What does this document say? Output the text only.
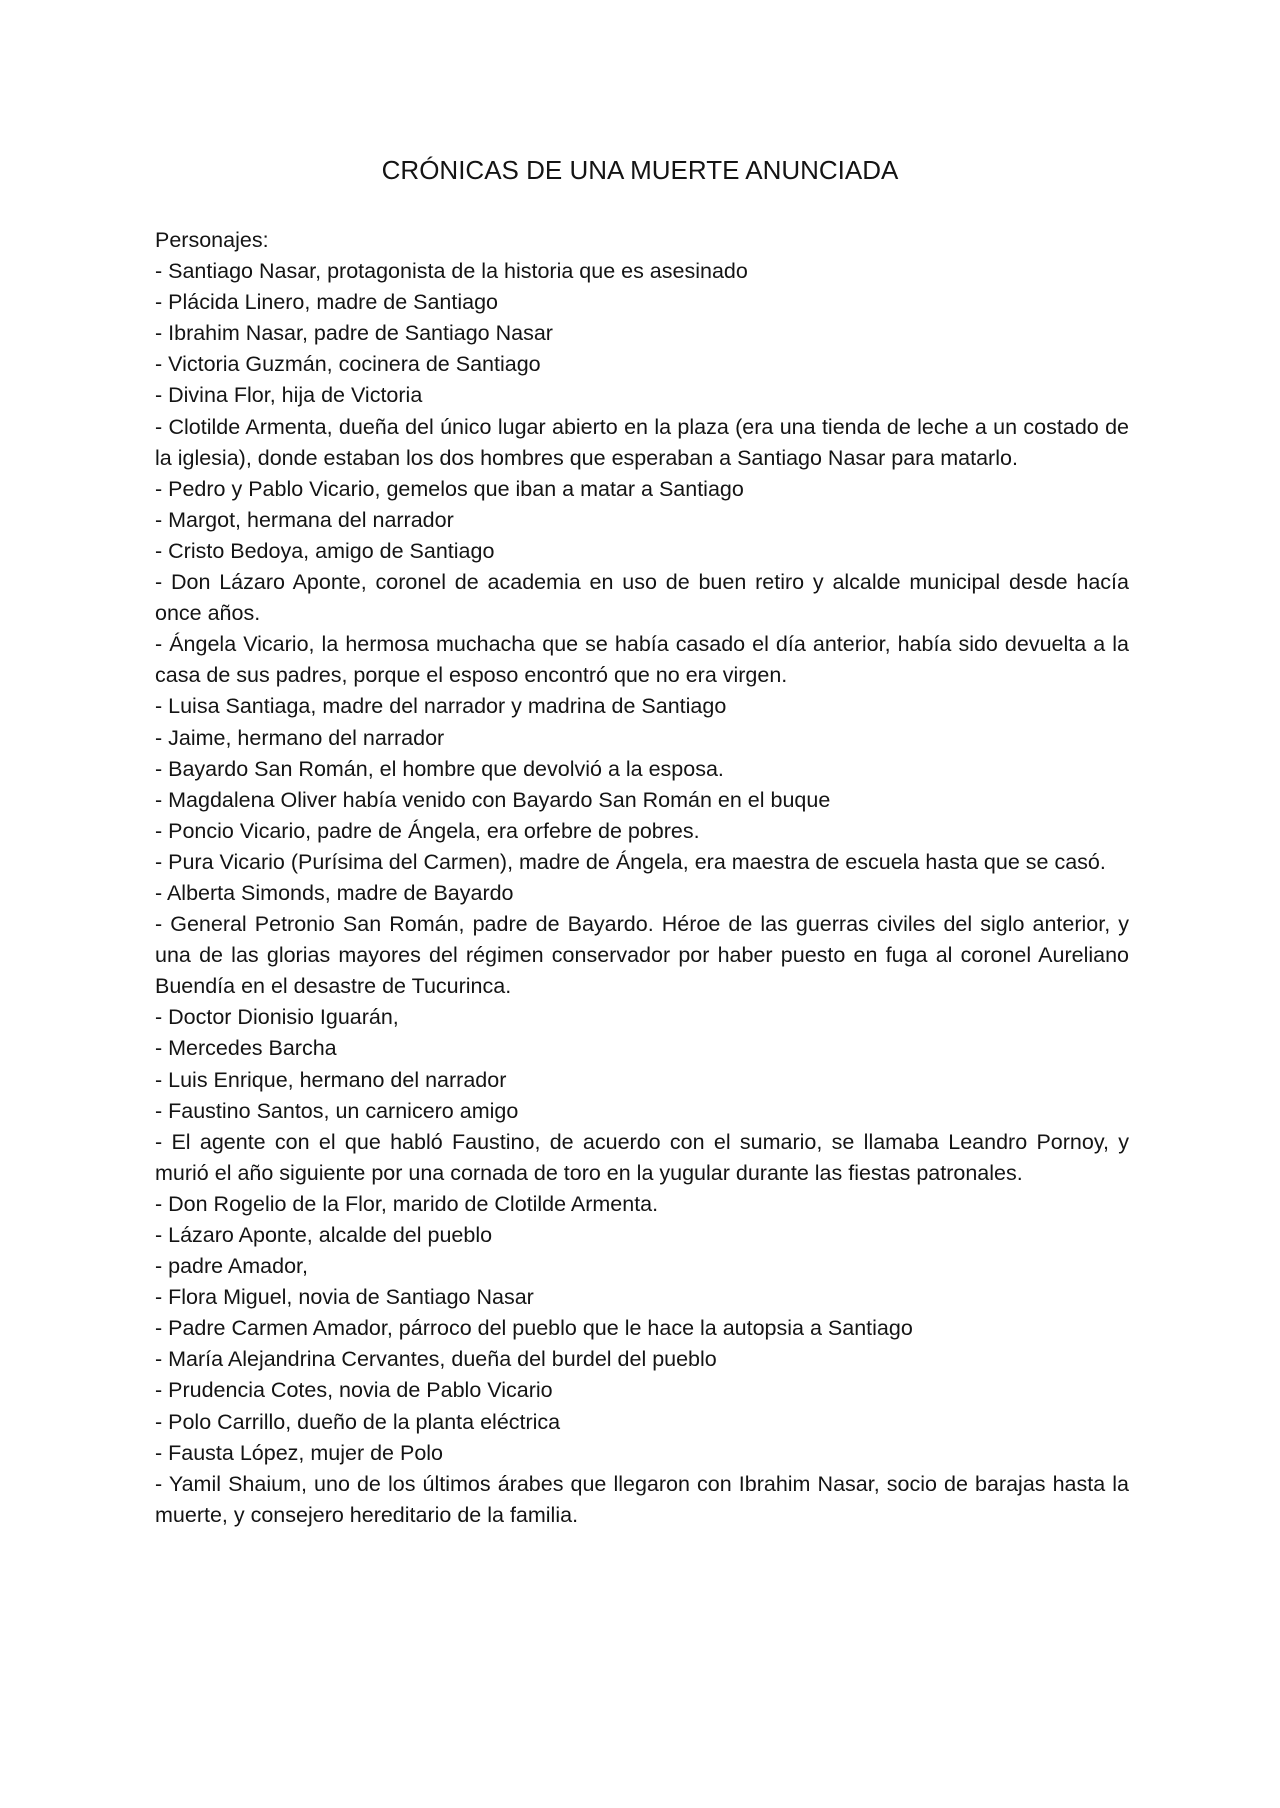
CRÓNICAS DE UNA MUERTE ANUNCIADA

Personajes:

- Santiago Nasar, protagonista de la historia que es asesinado

- Plácida Linero, madre de Santiago

- Ibrahim Nasar, padre de Santiago Nasar

- Victoria Guzmán, cocinera de Santiago

- Divina Flor, hija de Victoria

- Clotilde Armenta, dueña del único lugar abierto en la plaza (era una tienda de leche a un costado de la iglesia), donde estaban los dos hombres que esperaban a Santiago Nasar para matarlo.

- Pedro y Pablo Vicario, gemelos que iban a matar a Santiago

- Margot, hermana del narrador

- Cristo Bedoya, amigo de Santiago

- Don Lázaro Aponte, coronel de academia en uso de buen retiro y alcalde municipal desde hacía once años.

- Ángela Vicario, la hermosa muchacha que se había casado el día anterior, había sido devuelta a la casa de sus padres, porque el esposo encontró que no era virgen.

- Luisa Santiaga, madre del narrador y madrina de Santiago

- Jaime, hermano del narrador

- Bayardo San Román, el hombre que devolvió a la esposa.

- Magdalena Oliver había venido con Bayardo San Román en el buque

- Poncio Vicario, padre de Ángela, era orfebre de pobres.

- Pura Vicario (Purísima del Carmen), madre de Ángela, era maestra de escuela hasta que se casó.

- Alberta Simonds, madre de Bayardo

- General Petronio San Román, padre de Bayardo. Héroe de las guerras civiles del siglo anterior, y una de las glorias mayores del régimen conservador por haber puesto en fuga al coronel Aureliano Buendía en el desastre de Tucurinca.

- Doctor Dionisio Iguarán,

- Mercedes Barcha

- Luis Enrique, hermano del narrador

- Faustino Santos, un carnicero amigo

- El agente con el que habló Faustino, de acuerdo con el sumario, se llamaba Leandro Pornoy, y murió el año siguiente por una cornada de toro en la yugular durante las fiestas patronales.

- Don Rogelio de la Flor, marido de Clotilde Armenta.

- Lázaro Aponte, alcalde del pueblo

- padre Amador,

- Flora Miguel, novia de Santiago Nasar

- Padre Carmen Amador, párroco del pueblo que le hace la autopsia a Santiago

- María Alejandrina Cervantes, dueña del burdel del pueblo

- Prudencia Cotes, novia de Pablo Vicario

- Polo Carrillo, dueño de la planta eléctrica

- Fausta López, mujer de Polo

- Yamil Shaium, uno de los últimos árabes que llegaron con Ibrahim Nasar, socio de barajas hasta la muerte, y consejero hereditario de la familia.
